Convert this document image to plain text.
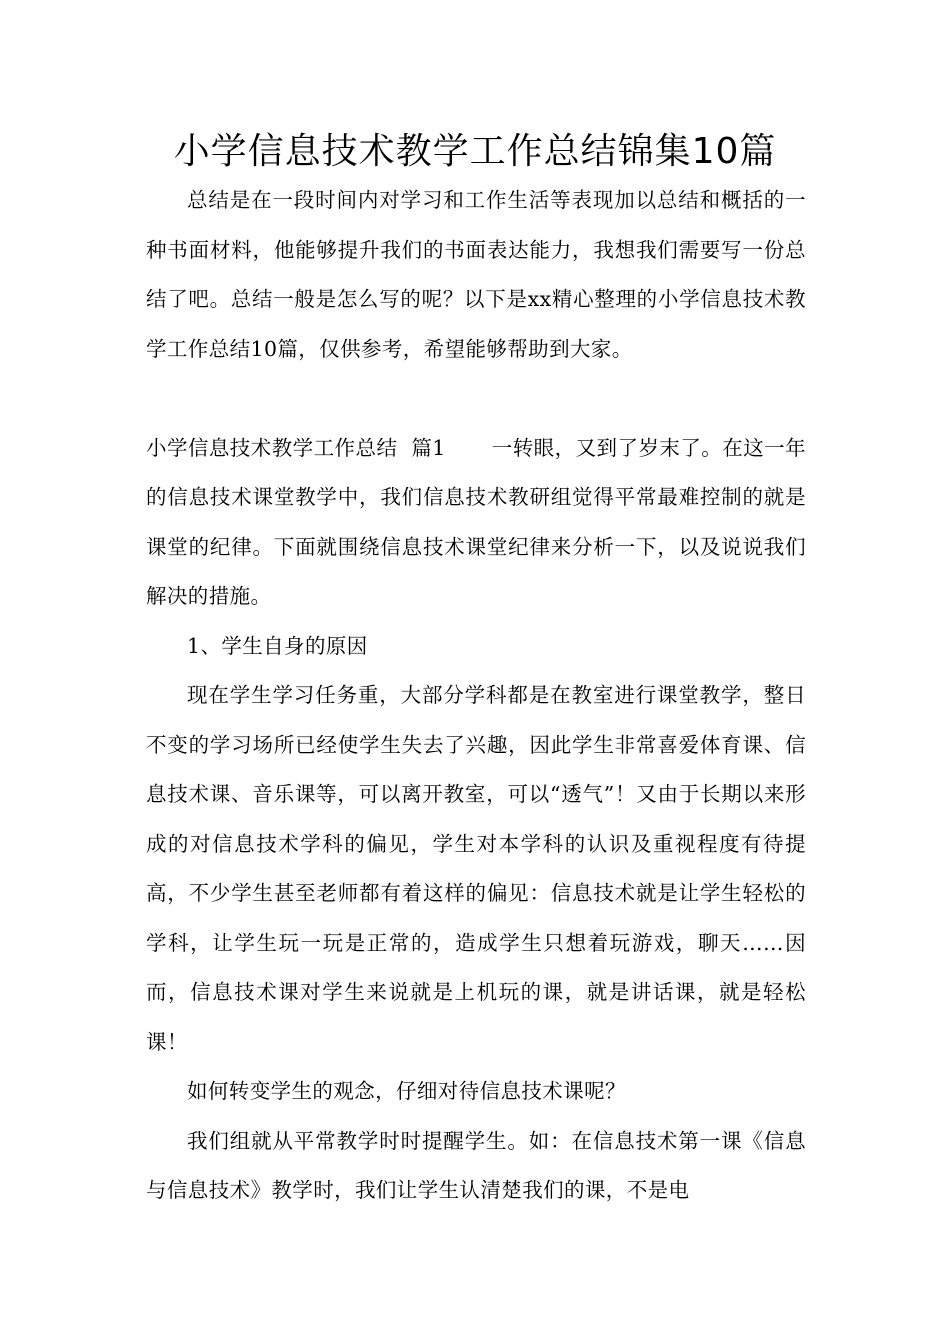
小学信息技术教学工作总结锦集10篇

总结是在一段时间内对学习和工作生活等表现加以总结和概括的一种书面材料，他能够提升我们的书面表达能力，我想我们需要写一份总结了吧。总结一般是怎么写的呢？以下是xx精心整理的小学信息技术教学工作总结10篇，仅供参考，希望能够帮助到大家。

小学信息技术教学工作总结  篇1 一转眼，又到了岁末了。在这一年的信息技术课堂教学中，我们信息技术教研组觉得平常最难控制的就是课堂的纪律。下面就围绕信息技术课堂纪律来分析一下，以及说说我们解决的措施。

1、学生自身的原因

现在学生学习任务重，大部分学科都是在教室进行课堂教学，整日不变的学习场所已经使学生失去了兴趣，因此学生非常喜爱体育课、信息技术课、音乐课等，可以离开教室，可以“透气”！又由于长期以来形成的对信息技术学科的偏见，学生对本学科的认识及重视程度有待提高，不少学生甚至老师都有着这样的偏见：信息技术就是让学生轻松的学科，让学生玩一玩是正常的，造成学生只想着玩游戏，聊天……因而，信息技术课对学生来说就是上机玩的课，就是讲话课，就是轻松课！

如何转变学生的观念，仔细对待信息技术课呢？

我们组就从平常教学时时提醒学生。如：在信息技术第一课《信息与信息技术》教学时，我们让学生认清楚我们的课，不是电
